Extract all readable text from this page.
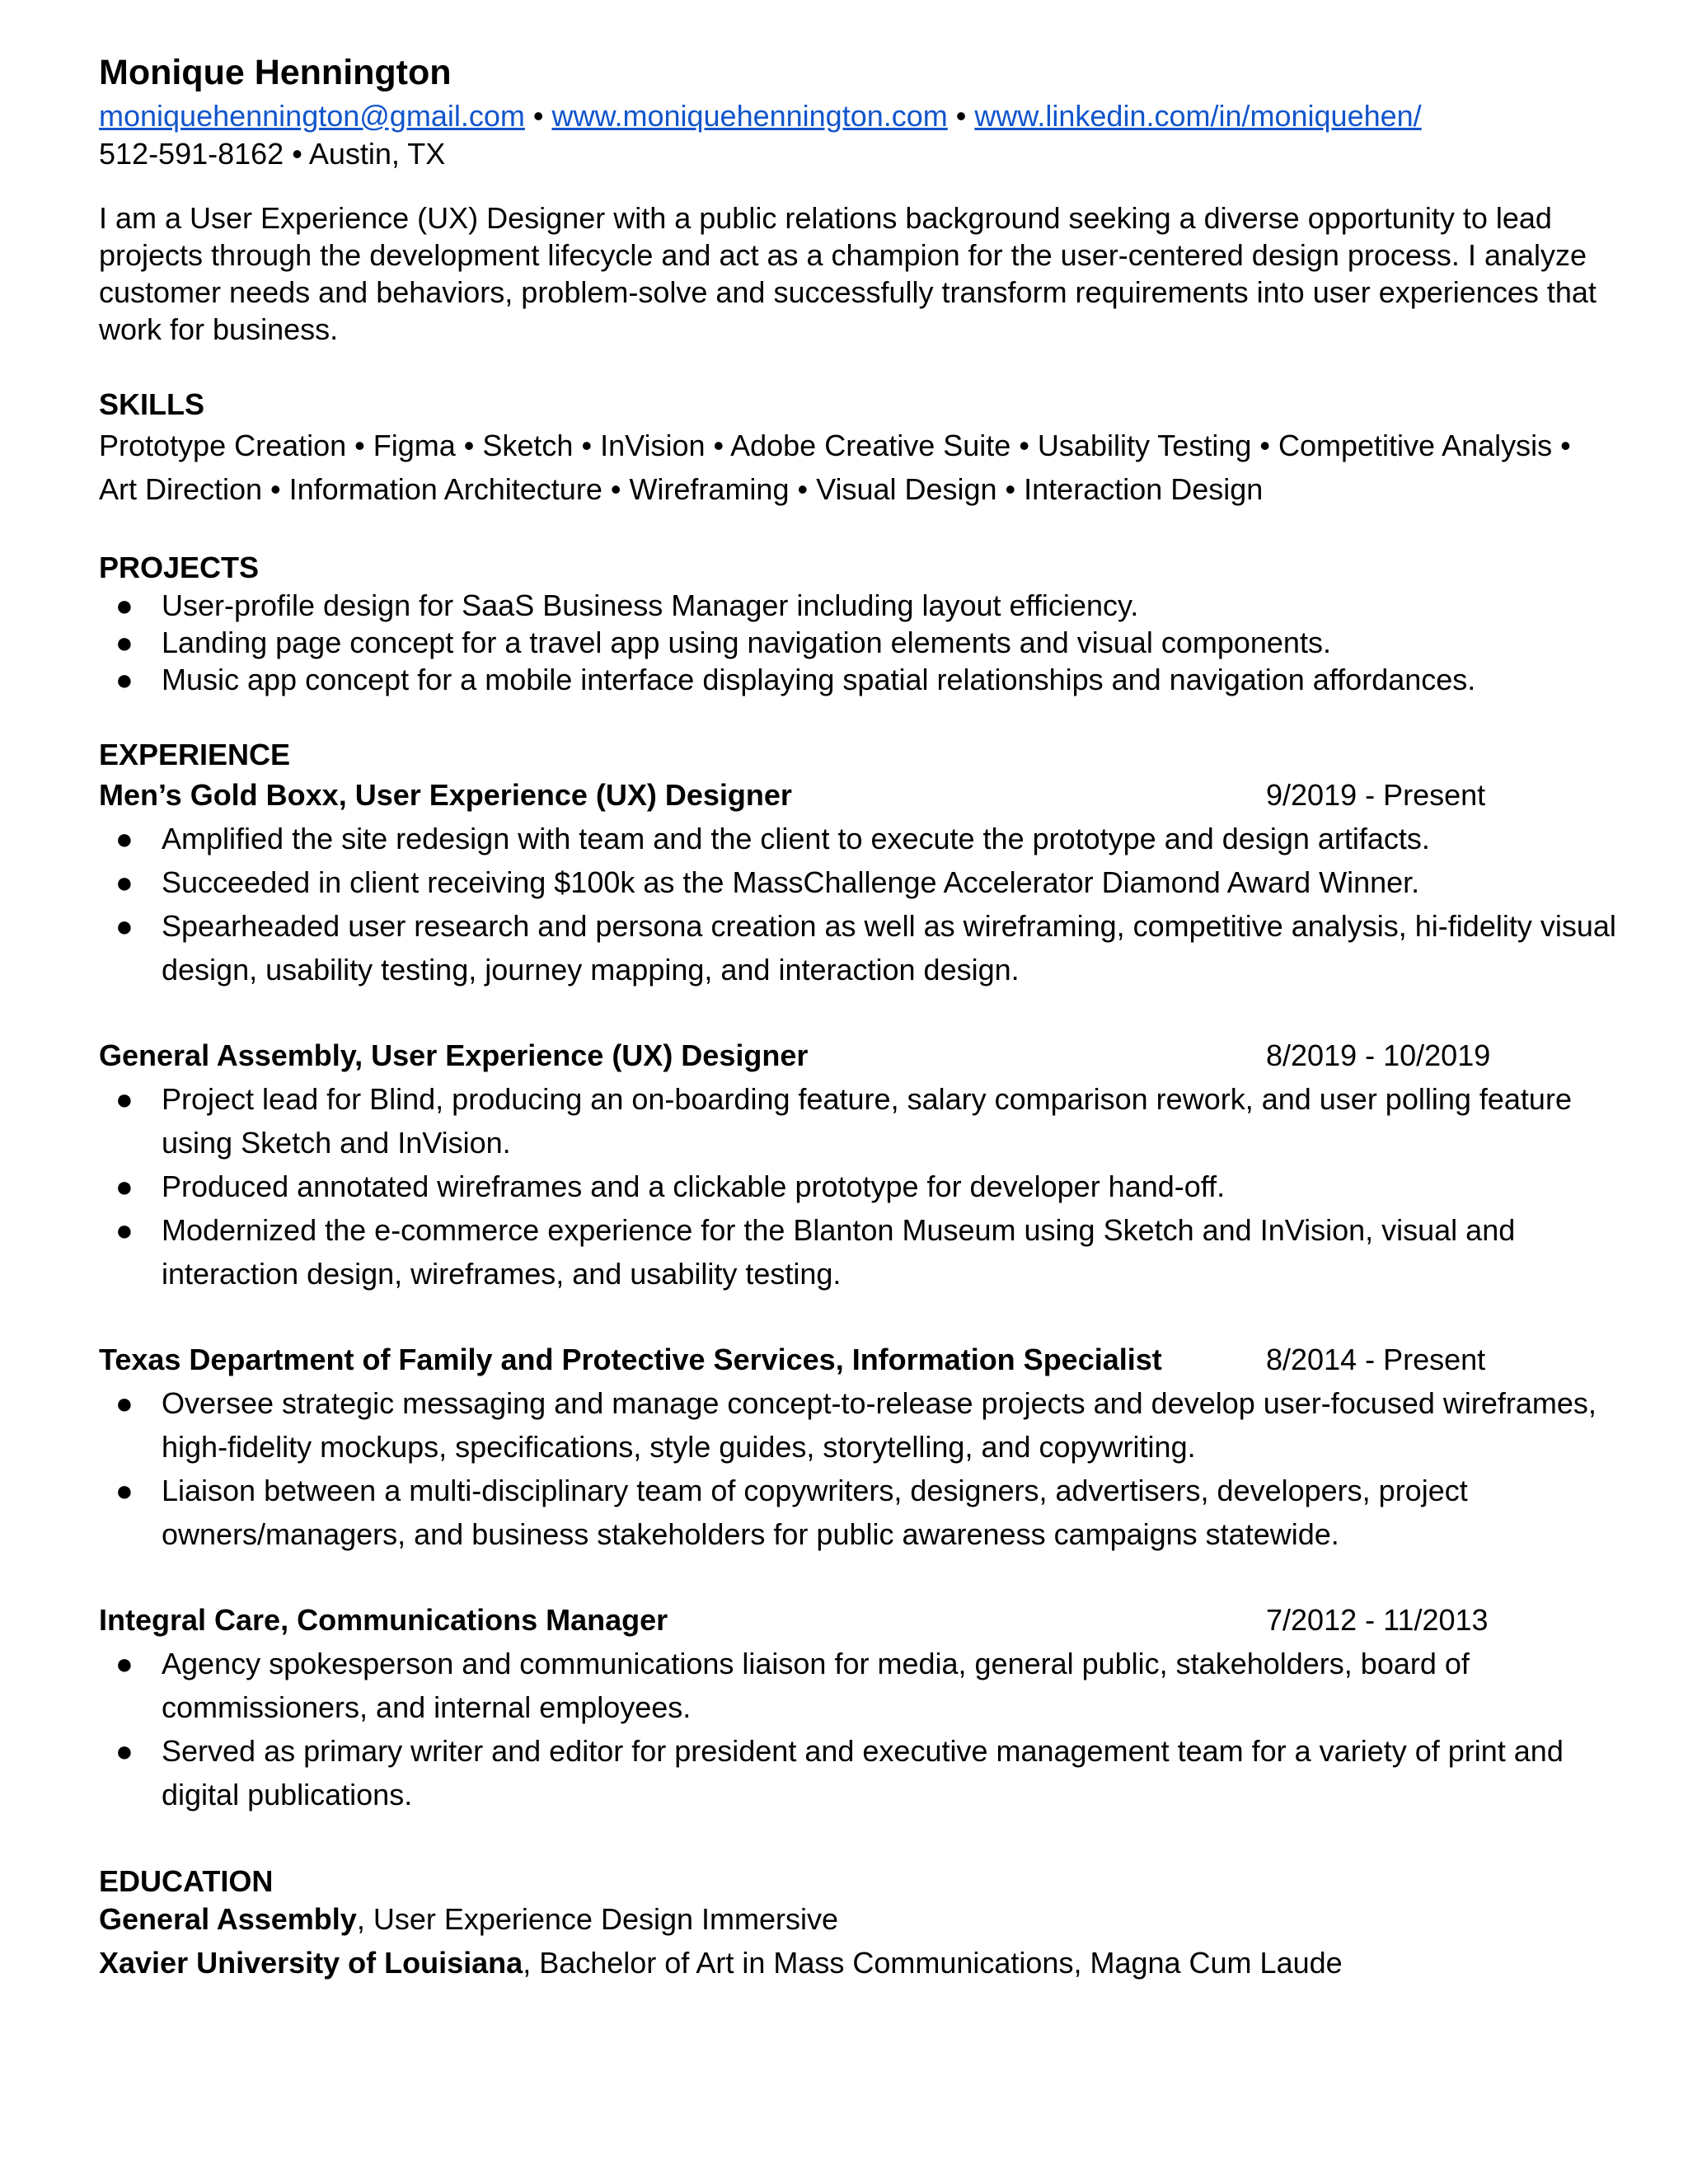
Monique Hennington
moniquehennington@gmail.com • www.moniquehennington.com • www.linkedin.com/in/moniquehen/
512-591-8162 • Austin, TX
I am a User Experience (UX) Designer with a public relations background seeking a diverse opportunity to lead projects through the development lifecycle and act as a champion for the user-centered design process. I analyze customer needs and behaviors, problem-solve and successfully transform requirements into user experiences that work for business.
SKILLS
Prototype Creation • Figma • Sketch • InVision • Adobe Creative Suite • Usability Testing • Competitive Analysis • Art Direction • Information Architecture • Wireframing • Visual Design • Interaction Design
PROJECTS
● User-profile design for SaaS Business Manager including layout efficiency.
● Landing page concept for a travel app using navigation elements and visual components.
● Music app concept for a mobile interface displaying spatial relationships and navigation affordances.
EXPERIENCE
Men’s Gold Boxx, User Experience (UX) Designer	9/2019 - Present
● Amplified the site redesign with team and the client to execute the prototype and design artifacts.
● Succeeded in client receiving $100k as the MassChallenge Accelerator Diamond Award Winner.
● Spearheaded user research and persona creation as well as wireframing, competitive analysis, hi-fidelity visual design, usability testing, journey mapping, and interaction design.
General Assembly, User Experience (UX) Designer	8/2019 - 10/2019
● Project lead for Blind, producing an on-boarding feature, salary comparison rework, and user polling feature using Sketch and InVision.
● Produced annotated wireframes and a clickable prototype for developer hand-off.
● Modernized the e-commerce experience for the Blanton Museum using Sketch and InVision, visual and interaction design, wireframes, and usability testing.
Texas Department of Family and Protective Services, Information Specialist	8/2014 - Present
● Oversee strategic messaging and manage concept-to-release projects and develop user-focused wireframes, high-fidelity mockups, specifications, style guides, storytelling, and copywriting.
● Liaison between a multi-disciplinary team of copywriters, designers, advertisers, developers, project owners/managers, and business stakeholders for public awareness campaigns statewide.
Integral Care, Communications Manager	7/2012 - 11/2013
● Agency spokesperson and communications liaison for media, general public, stakeholders, board of commissioners, and internal employees.
● Served as primary writer and editor for president and executive management team for a variety of print and digital publications.
EDUCATION
General Assembly, User Experience Design Immersive
Xavier University of Louisiana, Bachelor of Art in Mass Communications, Magna Cum Laude
